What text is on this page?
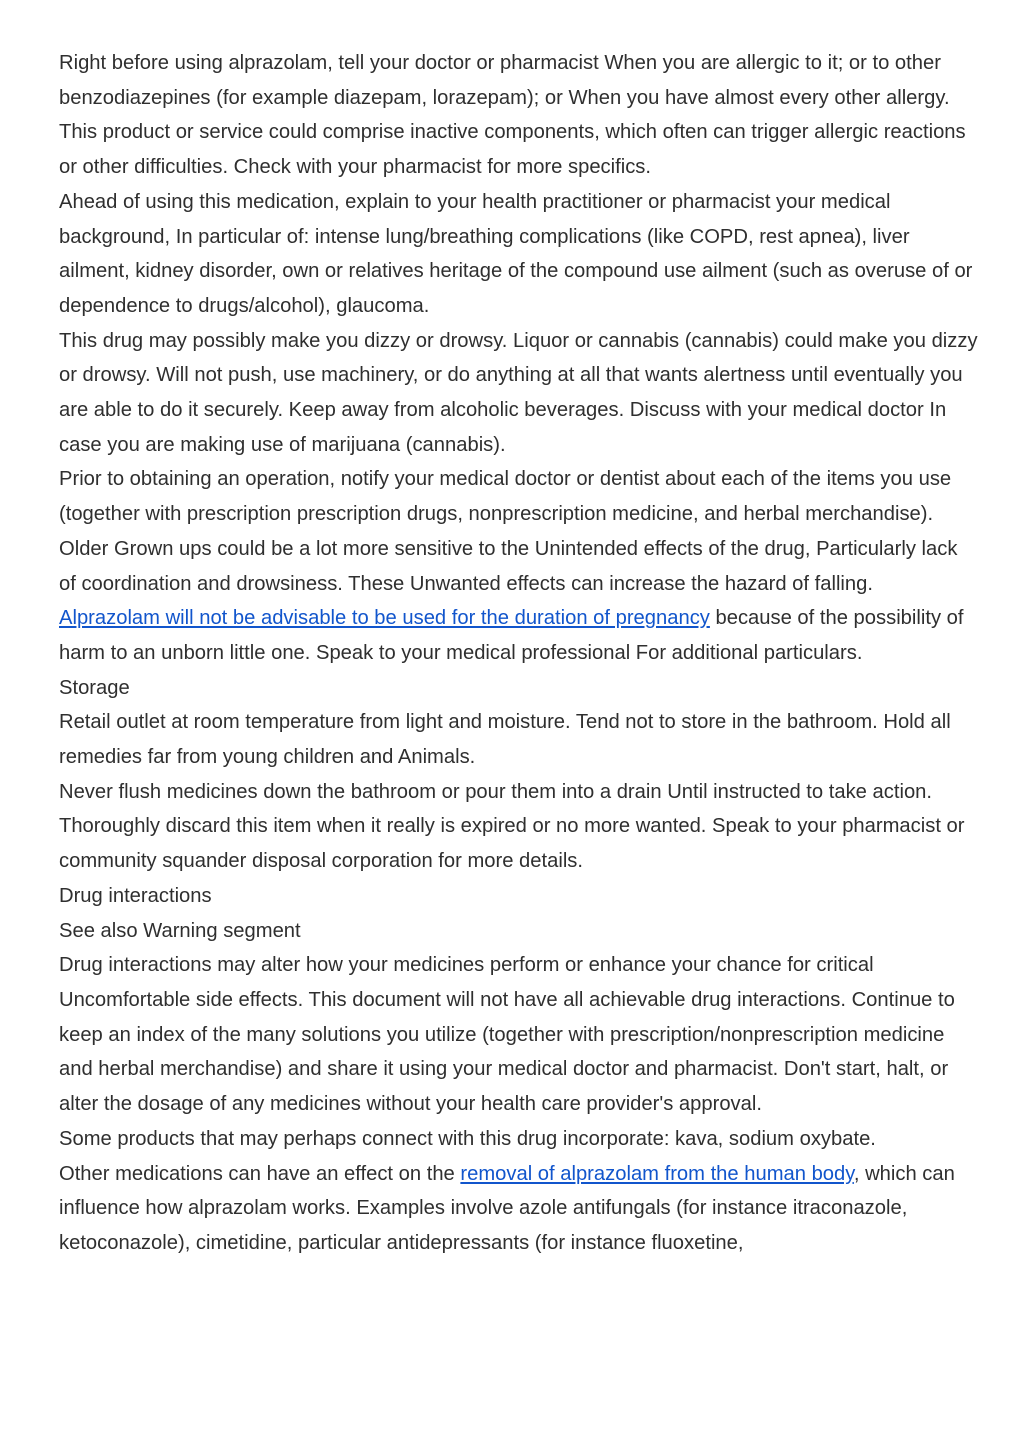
Right before using alprazolam, tell your doctor or pharmacist When you are allergic to it; or to other benzodiazepines (for example diazepam, lorazepam); or When you have almost every other allergy. This product or service could comprise inactive components, which often can trigger allergic reactions or other difficulties. Check with your pharmacist for more specifics.

Ahead of using this medication, explain to your health practitioner or pharmacist your medical background, In particular of: intense lung/breathing complications (like COPD, rest apnea), liver ailment, kidney disorder, own or relatives heritage of the compound use ailment (such as overuse of or dependence to drugs/alcohol), glaucoma.

This drug may possibly make you dizzy or drowsy. Liquor or cannabis (cannabis) could make you dizzy or drowsy. Will not push, use machinery, or do anything at all that wants alertness until eventually you are able to do it securely. Keep away from alcoholic beverages. Discuss with your medical doctor In case you are making use of marijuana (cannabis).

Prior to obtaining an operation, notify your medical doctor or dentist about each of the items you use (together with prescription prescription drugs, nonprescription medicine, and herbal merchandise).

Older Grown ups could be a lot more sensitive to the Unintended effects of the drug, Particularly lack of coordination and drowsiness. These Unwanted effects can increase the hazard of falling.

Alprazolam will not be advisable to be used for the duration of pregnancy because of the possibility of harm to an unborn little one. Speak to your medical professional For additional particulars.

Storage

Retail outlet at room temperature from light and moisture. Tend not to store in the bathroom. Hold all remedies far from young children and Animals.

Never flush medicines down the bathroom or pour them into a drain Until instructed to take action. Thoroughly discard this item when it really is expired or no more wanted. Speak to your pharmacist or community squander disposal corporation for more details.

Drug interactions

See also Warning segment

Drug interactions may alter how your medicines perform or enhance your chance for critical Uncomfortable side effects. This document will not have all achievable drug interactions. Continue to keep an index of the many solutions you utilize (together with prescription/nonprescription medicine and herbal merchandise) and share it using your medical doctor and pharmacist. Don't start, halt, or alter the dosage of any medicines without your health care provider's approval.

Some products that may perhaps connect with this drug incorporate: kava, sodium oxybate.

Other medications can have an effect on the removal of alprazolam from the human body, which can influence how alprazolam works. Examples involve azole antifungals (for instance itraconazole, ketoconazole), cimetidine, particular antidepressants (for instance fluoxetine,
